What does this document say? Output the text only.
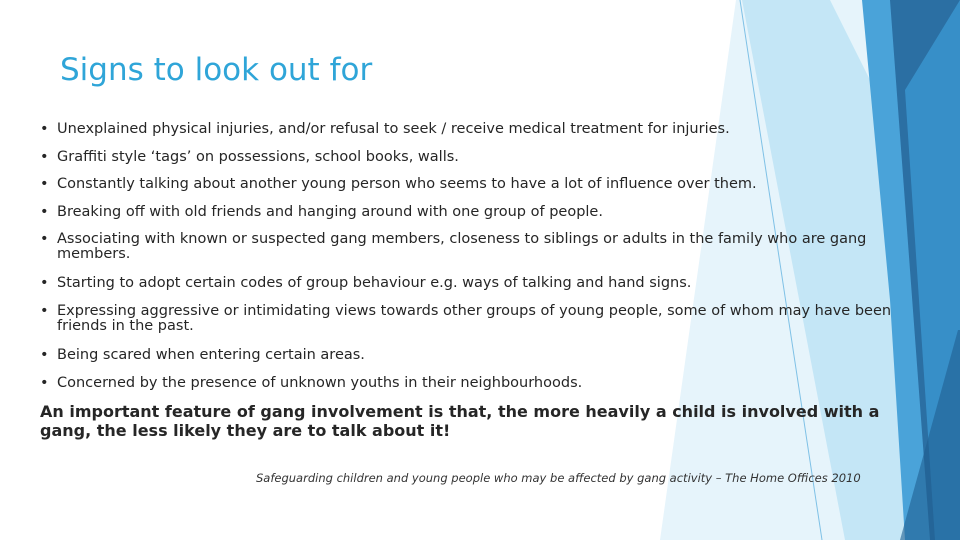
Signs to look out for
• Unexplained physical injuries, and/or refusal to seek / receive medical treatment for injuries.
• Graffiti style ‘tags’ on possessions, school books, walls.
• Constantly talking about another young person who seems to have a lot of influence over them.
• Breaking off with old friends and hanging around with one group of people.
• Associating with known or suspected gang members, closeness to siblings or adults in the family who are gang members.
• Starting to adopt certain codes of group behaviour e.g. ways of talking and hand signs.
• Expressing aggressive or intimidating views towards other groups of young people, some of whom may have been friends in the past.
• Being scared when entering certain areas.
• Concerned by the presence of unknown youths in their neighbourhoods.
An important feature of gang involvement is that, the more heavily a child is involved with a gang, the less likely they are to talk about it!
Safeguarding children and young people who may be affected by gang activity – The Home Offices 2010
